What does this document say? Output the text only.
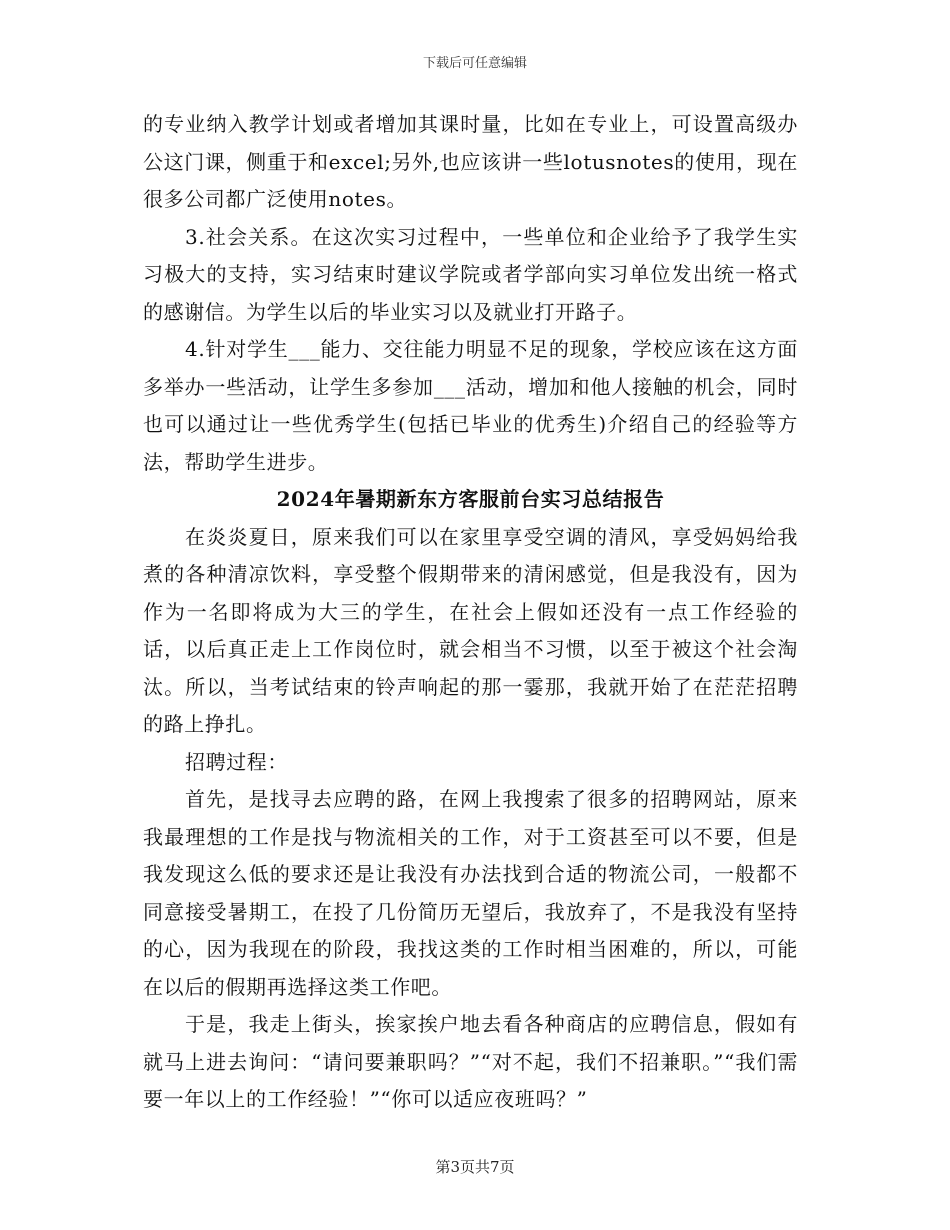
下载后可任意编辑

的专业纳入教学计划或者增加其课时量，比如在专业上，可设置高级办公这门课，侧重于和excel;另外,也应该讲一些lotusnotes的使用，现在很多公司都广泛使用notes。

3.社会关系。在这次实习过程中，一些单位和企业给予了我学生实习极大的支持，实习结束时建议学院或者学部向实习单位发出统一格式的感谢信。为学生以后的毕业实习以及就业打开路子。

4.针对学生___能力、交往能力明显不足的现象，学校应该在这方面多举办一些活动，让学生多参加___活动，增加和他人接触的机会，同时也可以通过让一些优秀学生(包括已毕业的优秀生)介绍自己的经验等方法，帮助学生进步。

2024年暑期新东方客服前台实习总结报告

在炎炎夏日，原来我们可以在家里享受空调的清风，享受妈妈给我煮的各种清凉饮料，享受整个假期带来的清闲感觉，但是我没有，因为作为一名即将成为大三的学生，在社会上假如还没有一点工作经验的话，以后真正走上工作岗位时，就会相当不习惯，以至于被这个社会淘汰。所以，当考试结束的铃声响起的那一霎那，我就开始了在茫茫招聘的路上挣扎。

招聘过程：

首先，是找寻去应聘的路，在网上我搜索了很多的招聘网站，原来我最理想的工作是找与物流相关的工作，对于工资甚至可以不要，但是我发现这么低的要求还是让我没有办法找到合适的物流公司，一般都不同意接受暑期工，在投了几份简历无望后，我放弃了，不是我没有坚持的心，因为我现在的阶段，我找这类的工作时相当困难的，所以，可能在以后的假期再选择这类工作吧。

于是，我走上街头，挨家挨户地去看各种商店的应聘信息，假如有就马上进去询问：“请问要兼职吗？”“对不起，我们不招兼职。”“我们需要一年以上的工作经验！”“你可以适应夜班吗？”

第3页共7页
